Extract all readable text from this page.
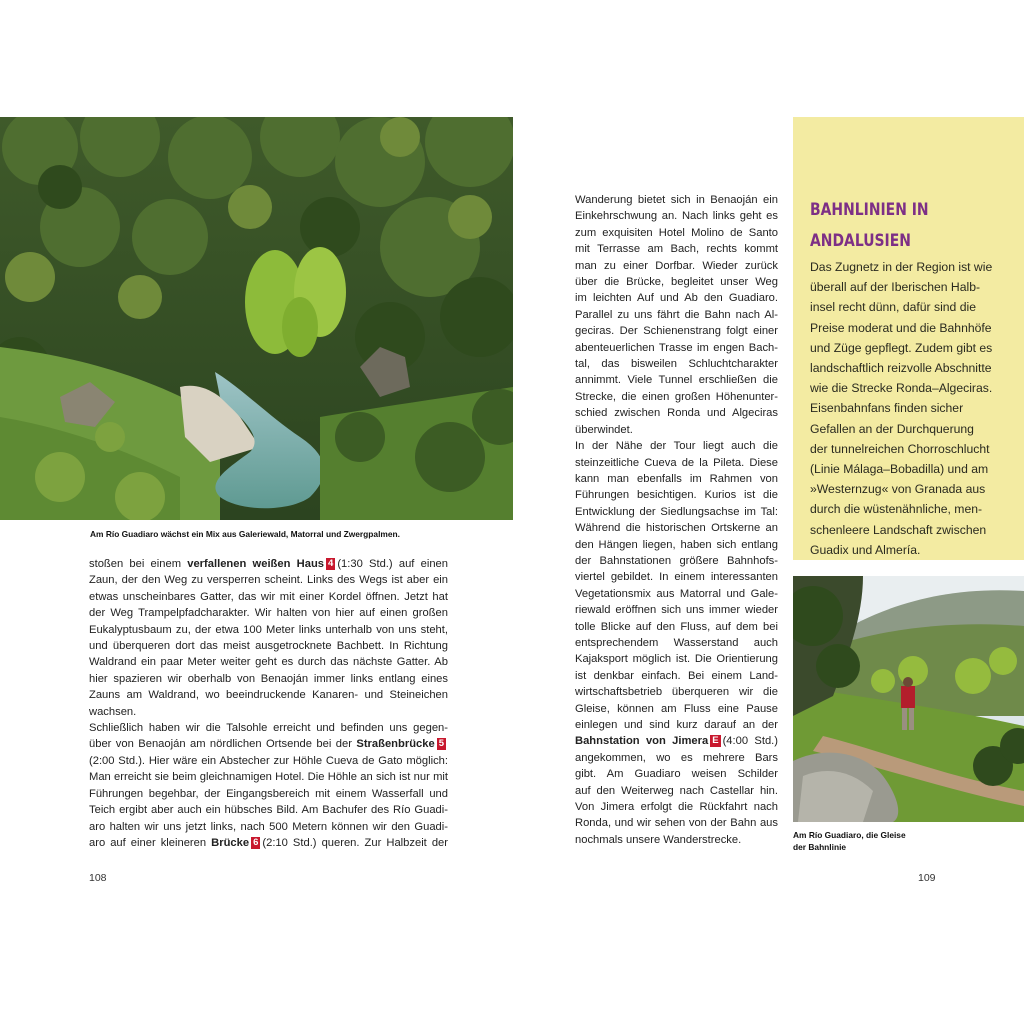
Am Río Guadiaro wächst ein Mix aus Galeriewald, Matorral und Zwergpalmen.

stoßen bei einem verfallenen weißen Haus 4 (1:30 Std.) auf einen

Zaun, der den Weg zu versperren scheint. Links des Wegs ist aber ein

etwas unscheinbares Gatter, das wir mit einer Kordel öffnen. Jetzt hat

der Weg Trampelpfadcharakter. Wir halten von hier auf einen großen

Eukalyptusbaum zu, der etwa 100 Meter links unterhalb von uns steht,

und überqueren dort das meist ausgetrocknete Bachbett. In Richtung

Waldrand ein paar Meter weiter geht es durch das nächste Gatter. Ab

hier spazieren wir oberhalb von Benaoján immer links entlang eines

Zauns am Waldrand, wo beeindruckende Kanaren- und Steineichen

wachsen.

Schließlich haben wir die Talsohle erreicht und befinden uns gegen-

über von Benaoján am nördlichen Ortsende bei der Straßenbrücke 5

(2:00 Std.). Hier wäre ein Abstecher zur Höhle Cueva de Gato möglich:

Man erreicht sie beim gleichnamigen Hotel. Die Höhle an sich ist nur mit

Führungen begehbar, der Eingangsbereich mit einem Wasserfall und

Teich ergibt aber auch ein hübsches Bild. Am Bachufer des Río Guadi-

aro halten wir uns jetzt links, nach 500 Metern können wir den Guadi-

aro auf einer kleineren Brücke 6 (2:10 Std.) queren. Zur Halbzeit der

108

Wanderung bietet sich in Benaoján ein

Einkehrschwung an. Nach links geht es

zum exquisiten Hotel Molino de Santo

mit Terrasse am Bach, rechts kommt

man zu einer Dorfbar. Wieder zurück

über die Brücke, begleitet unser Weg

im leichten Auf und Ab den Guadiaro.

Parallel zu uns fährt die Bahn nach Al-

geciras. Der Schienenstrang folgt einer

abenteuerlichen Trasse im engen Bach-

tal, das bisweilen Schluchtcharakter

annimmt. Viele Tunnel erschließen die

Strecke, die einen großen Höhenunter-

schied zwischen Ronda und Algeciras

überwindet.

In der Nähe der Tour liegt auch die

steinzeitliche Cueva de la Pileta. Diese

kann man ebenfalls im Rahmen von

Führungen besichtigen. Kurios ist die

Entwicklung der Siedlungsachse im Tal:

Während die historischen Ortskerne an

den Hängen liegen, haben sich entlang

der Bahnstationen größere Bahnhofs-

viertel gebildet. In einem interessanten

Vegetationsmix aus Matorral und Gale-

riewald eröffnen sich uns immer wieder

tolle Blicke auf den Fluss, auf dem bei

entsprechendem Wasserstand auch

Kajaksport möglich ist. Die Orientierung

ist denkbar einfach. Bei einem Land-

wirtschaftsbetrieb überqueren wir die

Gleise, können am Fluss eine Pause

einlegen und sind kurz darauf an der

Bahnstation von Jimera E (4:00 Std.)

angekommen, wo es mehrere Bars

gibt. Am Guadiaro weisen Schilder

auf den Weiterweg nach Castellar hin.

Von Jimera erfolgt die Rückfahrt nach

Ronda, und wir sehen von der Bahn aus

nochmals unsere Wanderstrecke.

BAHNLINIEN IN
ANDALUSIEN

Das Zugnetz in der Region ist wie

überall auf der Iberischen Halb-

insel recht dünn, dafür sind die

Preise moderat und die Bahnhöfe

und Züge gepflegt. Zudem gibt es

landschaftlich reizvolle Abschnitte

wie die Strecke Ronda–Algeciras.

Eisenbahnfans finden sicher

Gefallen an der Durchquerung

der tunnelreichen Chorroschlucht

(Linie Málaga–Bobadilla) und am

»Westernzug« von Granada aus

durch die wüstenähnliche, men-

schenleere Landschaft zwischen

Guadix und Almería.

Am Río Guadiaro, die Gleise
der Bahnlinie
109
